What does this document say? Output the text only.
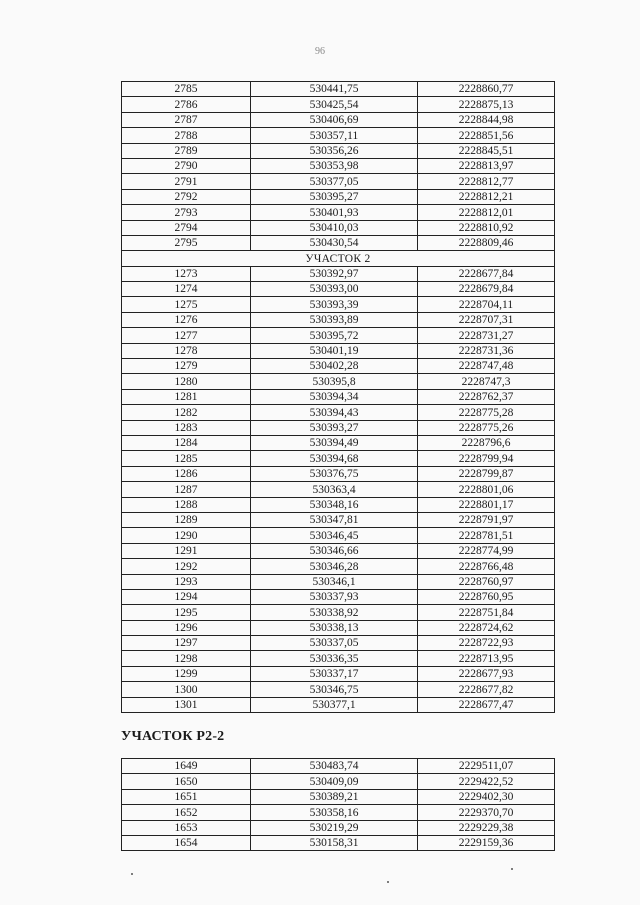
96
2785	530441,75	2228860,77
2786	530425,54	2228875,13
2787	530406,69	2228844,98
2788	530357,11	2228851,56
2789	530356,26	2228845,51
2790	530353,98	2228813,97
2791	530377,05	2228812,77
2792	530395,27	2228812,21
2793	530401,93	2228812,01
2794	530410,03	2228810,92
2795	530430,54	2228809,46
УЧАСТОК 2		
1273	530392,97	2228677,84
1274	530393,00	2228679,84
1275	530393,39	2228704,11
1276	530393,89	2228707,31
1277	530395,72	2228731,27
1278	530401,19	2228731,36
1279	530402,28	2228747,48
1280	530395,8	2228747,3
1281	530394,34	2228762,37
1282	530394,43	2228775,28
1283	530393,27	2228775,26
1284	530394,49	2228796,6
1285	530394,68	2228799,94
1286	530376,75	2228799,87
1287	530363,4	2228801,06
1288	530348,16	2228801,17
1289	530347,81	2228791,97
1290	530346,45	2228781,51
1291	530346,66	2228774,99
1292	530346,28	2228766,48
1293	530346,1	2228760,97
1294	530337,93	2228760,95
1295	530338,92	2228751,84
1296	530338,13	2228724,62
1297	530337,05	2228722,93
1298	530336,35	2228713,95
1299	530337,17	2228677,93
1300	530346,75	2228677,82
1301	530377,1	2228677,47
УЧАСТОК Р2-2
1649	530483,74	2229511,07
1650	530409,09	2229422,52
1651	530389,21	2229402,30
1652	530358,16	2229370,70
1653	530219,29	2229229,38
1654	530158,31	2229159,36
